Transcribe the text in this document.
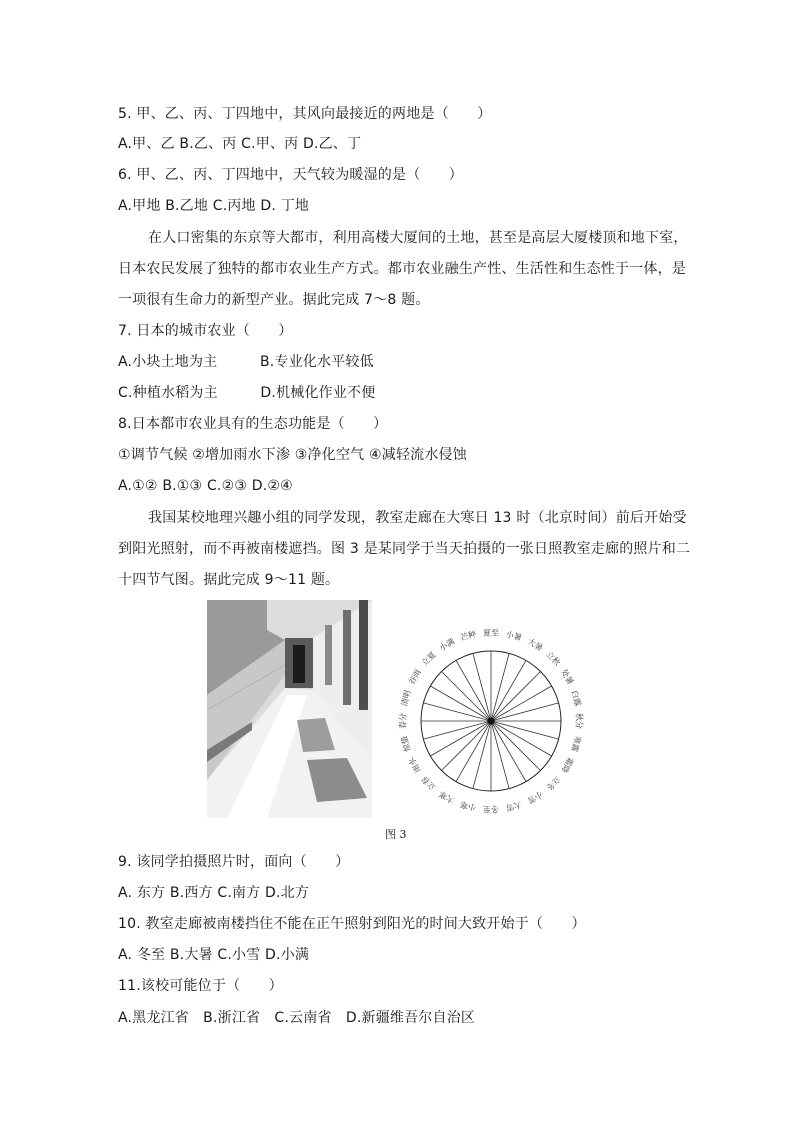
5. 甲、乙、丙、丁四地中，其风向最接近的两地是（　　）
A.甲、乙 B.乙、丙 C.甲、丙 D.乙、丁
6. 甲、乙、丙、丁四地中，天气较为暖湿的是（　　）
A.甲地 B.乙地 C.丙地 D. 丁地
在人口密集的东京等大都市，利用高楼大厦间的土地，甚至是高层大厦楼顶和地下室，
日本农民发展了独特的都市农业生产方式。都市农业融生产性、生活性和生态性于一体，是
一项很有生命力的新型产业。据此完成 7～8 题。
7. 日本的城市农业（　　）
A.小块土地为主　　　B.专业化水平较低
C.种植水稻为主　　　D.机械化作业不便
8.日本都市农业具有的生态功能是（　　）
①调节气候 ②增加雨水下渗 ③净化空气 ④减轻流水侵蚀
A.①② B.①③ C.②③ D.②④
我国某校地理兴趣小组的同学发现，教室走廊在大寒日 13 时（北京时间）前后开始受
到阳光照射，而不再被南楼遮挡。图 3 是某同学于当天拍摄的一张日照教室走廊的照片和二
十四节气图。据此完成 9～11 题。
夏至 小暑
大暑
立秋
处暑
白露
秋分
寒露
霜降
立冬
小雪
大雪
冬至
小寒
大寒
立春
雨水
惊蛰
春分
清明
谷雨
立夏
小满
芒种
图 3
9. 该同学拍摄照片时，面向（　　）
A. 东方 B.西方 C.南方 D.北方
10. 教室走廊被南楼挡住不能在正午照射到阳光的时间大致开始于（　　）
A. 冬至 B.大暑 C.小雪 D.小满
11.该校可能位于（　　）
A.黑龙江省　B.浙江省　C.云南省　D.新疆维吾尔自治区
